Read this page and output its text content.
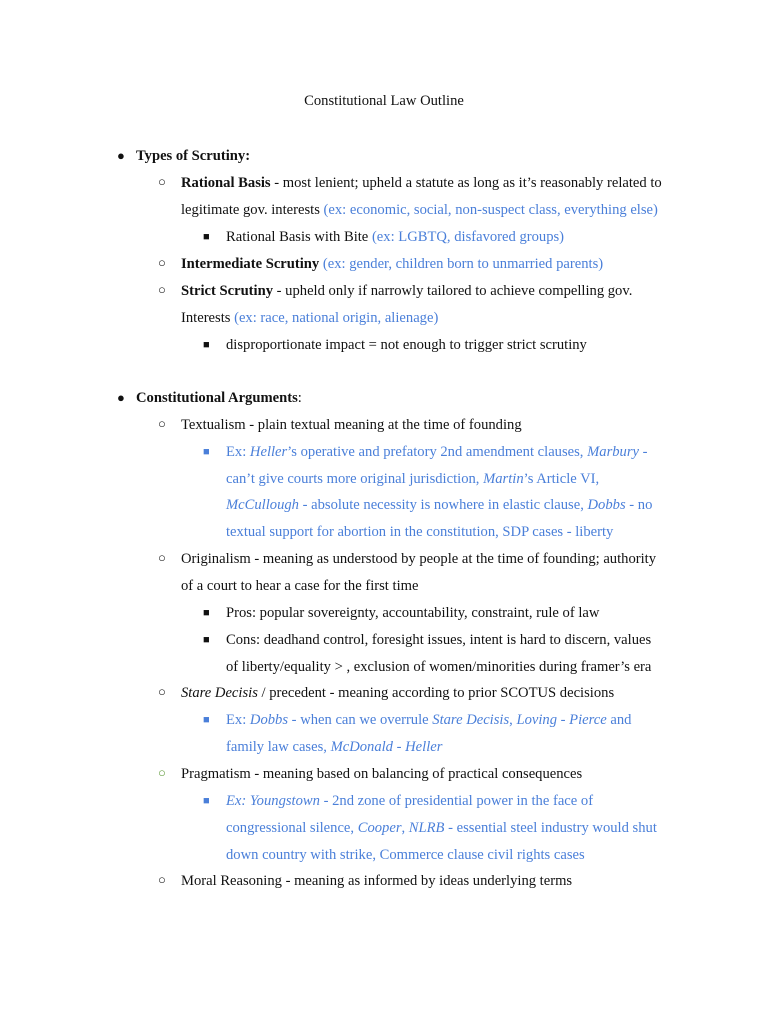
Constitutional Law Outline
● Types of Scrutiny:
○ Rational Basis - most lenient; upheld a statute as long as it’s reasonably related to
legitimate gov. interests (ex: economic, social, non-suspect class, everything else)
■ Rational Basis with Bite (ex: LGBTQ, disfavored groups)
○ Intermediate Scrutiny (ex: gender, children born to unmarried parents)
○ Strict Scrutiny - upheld only if narrowly tailored to achieve compelling gov.
Interests (ex: race, national origin, alienage)
■ disproportionate impact = not enough to trigger strict scrutiny
● Constitutional Arguments:
○ Textualism - plain textual meaning at the time of founding
■ Ex: Heller’s operative and prefatory 2nd amendment clauses, Marbury -
can’t give courts more original jurisdiction, Martin’s Article VI,
McCullough - absolute necessity is nowhere in elastic clause, Dobbs - no
textual support for abortion in the constitution, SDP cases - liberty
○ Originalism - meaning as understood by people at the time of founding; authority
of a court to hear a case for the first time
■ Pros: popular sovereignty, accountability, constraint, rule of law
■ Cons: deadhand control, foresight issues, intent is hard to discern, values
of liberty/equality > , exclusion of women/minorities during framer’s era
○ Stare Decisis / precedent - meaning according to prior SCOTUS decisions
■ Ex: Dobbs - when can we overrule Stare Decisis, Loving - Pierce and
family law cases, McDonald - Heller
○ Pragmatism - meaning based on balancing of practical consequences
■ Ex: Youngstown - 2nd zone of presidential power in the face of
congressional silence, Cooper, NLRB - essential steel industry would shut
down country with strike, Commerce clause civil rights cases
○ Moral Reasoning - meaning as informed by ideas underlying terms
